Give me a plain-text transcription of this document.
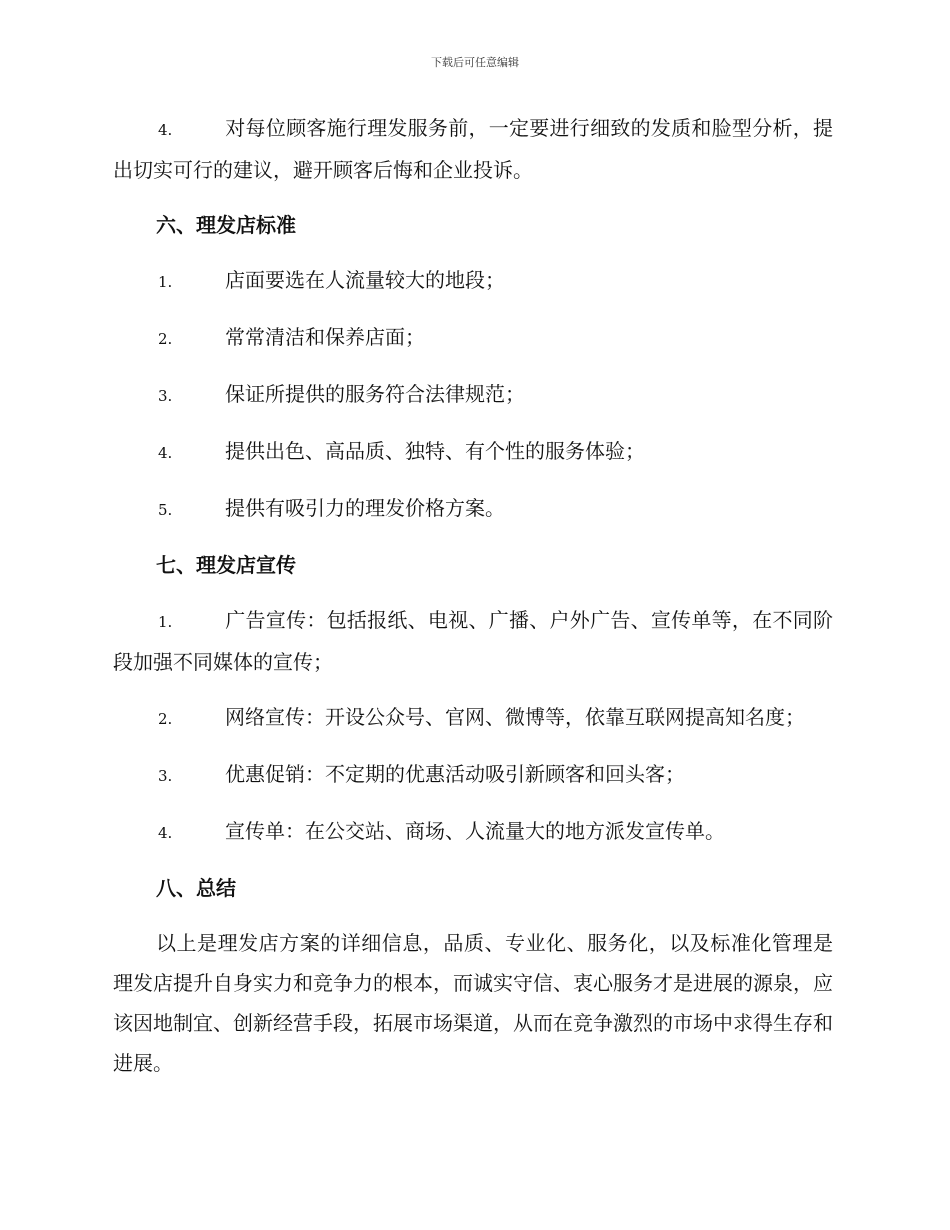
下载后可任意编辑

4.	对每位顾客施行理发服务前，一定要进行细致的发质和脸型分析，提出切实可行的建议，避开顾客后悔和企业投诉。

六、理发店标准

1.	店面要选在人流量较大的地段；

2.	常常清洁和保养店面；

3.	保证所提供的服务符合法律规范；

4.	提供出色、高品质、独特、有个性的服务体验；

5.	提供有吸引力的理发价格方案。

七、理发店宣传

1.	广告宣传：包括报纸、电视、广播、户外广告、宣传单等，在不同阶段加强不同媒体的宣传；

2.	网络宣传：开设公众号、官网、微博等，依靠互联网提高知名度；

3.	优惠促销：不定期的优惠活动吸引新顾客和回头客；

4.	宣传单：在公交站、商场、人流量大的地方派发宣传单。

八、总结

以上是理发店方案的详细信息，品质、专业化、服务化，以及标准化管理是理发店提升自身实力和竞争力的根本，而诚实守信、衷心服务才是进展的源泉，应该因地制宜、创新经营手段，拓展市场渠道，从而在竞争激烈的市场中求得生存和进展。
